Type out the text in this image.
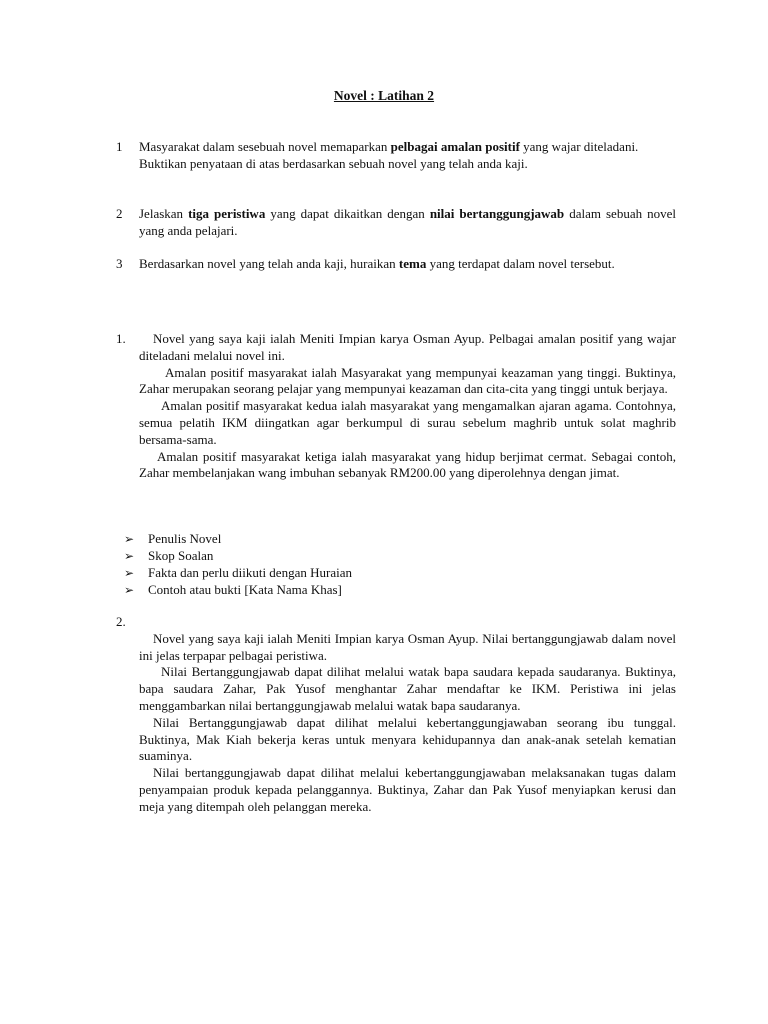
Novel : Latihan 2
1	Masyarakat dalam sesebuah novel memaparkan pelbagai amalan positif yang wajar diteladani.

Buktikan penyataan di atas berdasarkan sebuah novel yang telah anda kaji.

2	Jelaskan tiga peristiwa yang dapat dikaitkan dengan nilai bertanggungjawab dalam sebuah novel yang anda pelajari.

3	Berdasarkan novel yang telah anda kaji, huraikan tema yang terdapat dalam novel tersebut.

1.	Novel yang saya kaji ialah Meniti Impian karya Osman Ayup. Pelbagai amalan positif yang wajar diteladani melalui novel ini.

Amalan positif masyarakat ialah Masyarakat yang mempunyai keazaman yang tinggi. Buktinya, Zahar merupakan seorang pelajar yang mempunyai keazaman dan cita-cita yang tinggi untuk berjaya.

Amalan positif masyarakat kedua ialah masyarakat yang mengamalkan ajaran agama. Contohnya, semua pelatih IKM diingatkan agar berkumpul di surau sebelum maghrib untuk solat maghrib bersama-sama.

Amalan positif masyarakat ketiga ialah masyarakat yang hidup berjimat cermat. Sebagai contoh, Zahar membelanjakan wang imbuhan sebanyak RM200.00 yang diperolehnya dengan jimat.

➢ Penulis Novel
➢ Skop Soalan
➢ Fakta dan perlu diikuti dengan Huraian
➢ Contoh atau bukti [Kata Nama Khas]
2.

Novel yang saya kaji ialah Meniti Impian karya Osman Ayup. Nilai bertanggungjawab dalam novel ini jelas terpapar pelbagai peristiwa.

Nilai Bertanggungjawab dapat dilihat melalui watak bapa saudara kepada saudaranya. Buktinya, bapa saudara Zahar, Pak Yusof menghantar Zahar mendaftar ke IKM. Peristiwa ini jelas menggambarkan nilai bertanggungjawab melalui watak bapa saudaranya.

Nilai Bertanggungjawab dapat dilihat melalui kebertanggungjawaban seorang ibu tunggal. Buktinya, Mak Kiah bekerja keras untuk menyara kehidupannya dan anak-anak setelah kematian suaminya.

Nilai bertanggungjawab dapat dilihat melalui kebertanggungjawaban melaksanakan tugas dalam penyampaian produk kepada pelanggannya. Buktinya, Zahar dan Pak Yusof menyiapkan kerusi dan meja yang ditempah oleh pelanggan mereka.
